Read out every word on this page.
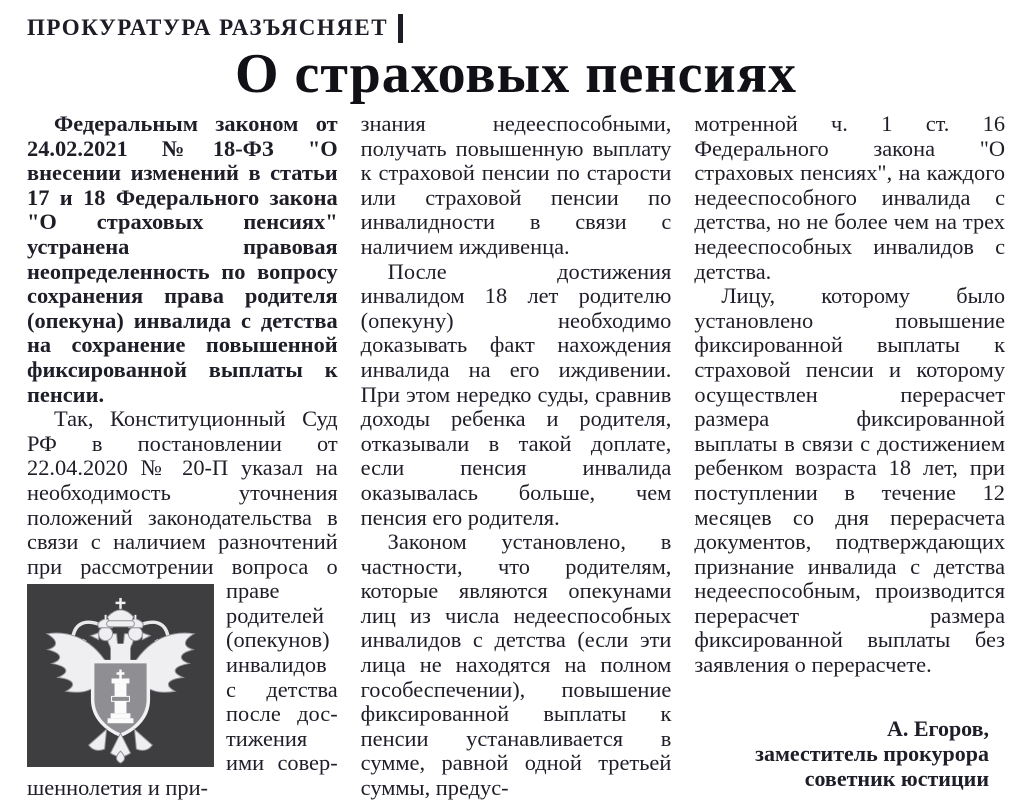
ПРОКУРАТУРА РАЗЪЯСНЯЕТ
О страховых пенсиях

Федеральным законом от 24.02.2021 №18-ФЗ "О внесении изменений в статьи 17 и 18 Федерального закона "О страховых пенсиях" устранена правовая неопределенность по вопросу сохранения права родителя (опекуна) инвалида с детства на сохранение повышенной фиксированной выплаты к пенсии.

Так, Конституционный Суд РФ в постановлении от 22.04.2020 № 20-П указал на необходимость уточнения положений законодательства в связи с наличием разночтений при рассмотрении вопроса о праве
родителей (опекунов) инвалидов с детства после достижения ими совершеннолетия и при-

знания недееспособными, получать повышенную выплату к страховой пенсии по старости или страховой пенсии по инвалидности в связи с наличием иждивенца.

После достижения инвалидом 18 лет родителю (опекуну) необходимо доказывать факт нахождения инвалида на его иждивении. При этом нередко суды, сравнив доходы ребенка и родителя, отказывали в такой доплате, если пенсия инвалида оказывалась больше, чем пенсия его родителя.

Законом установлено, в частности, что родителям, которые являются опекунами лиц из числа недееспособных инвалидов с детства (если эти лица не находятся на полном гособеспечении), повышение фиксированной выплаты к пенсии устанавливается в сумме, равной одной третьей суммы, предус-

мотренной ч. 1 ст. 16 Федерального закона "О страховых пенсиях", на каждого недееспособного инвалида с детства, но не более чем на трех недееспособных инвалидов с детства.

Лицу, которому было установлено повышение фиксированной выплаты к страховой пенсии и которому осуществлен перерасчет размера фиксированной выплаты в связи с достижением ребенком возраста 18 лет, при поступлении в течение 12 месяцев со дня перерасчета документов, подтверждающих признание инвалида с детства недееспособным, производится перерасчет размера фиксированной выплаты без заявления о перерасчете.

А. Егоров,
заместитель прокурора
советник юстиции
